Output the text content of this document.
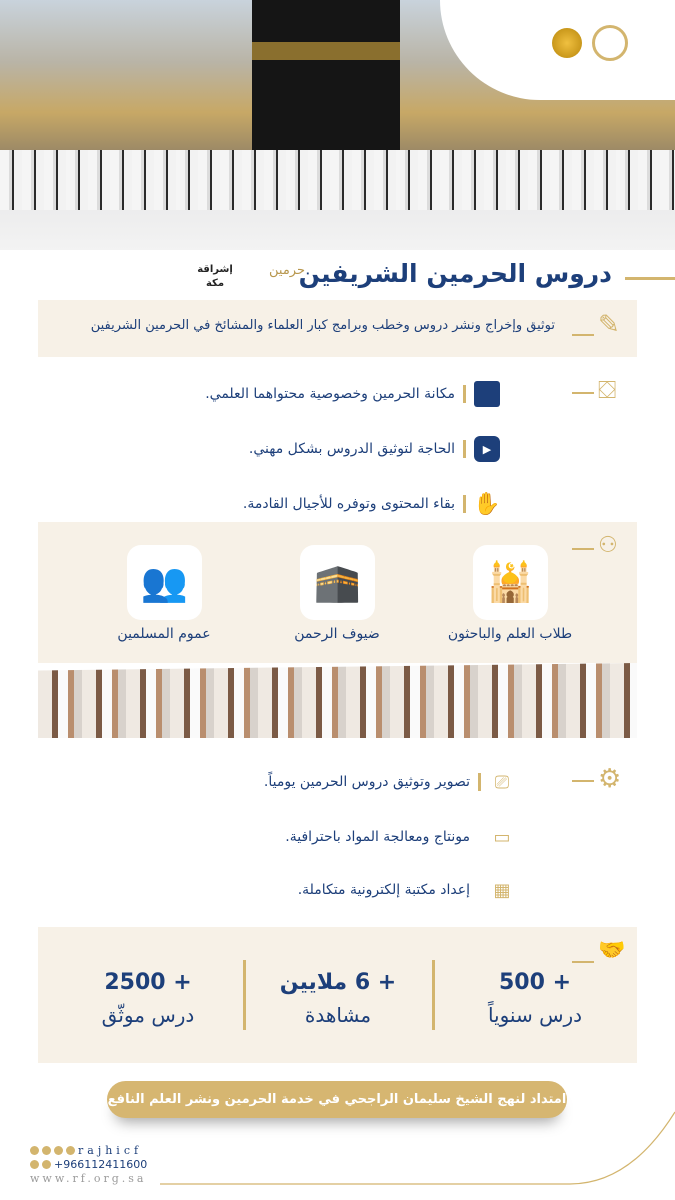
دروس الحرمين الشريفين
حرمين
إشراقة مكة
توثيق وإخراج ونشر دروس وخطب وبرامج كبار العلماء والمشائخ في الحرمين الشريفين ✎
⛋
مكانة الحرمين وخصوصية محتواهما العلمي.
▶
الحاجة لتوثيق الدروس بشكل مهني.
✋
بقاء المحتوى وتوفره للأجيال القادمة.
⚇
🕌
🕋
👥
طلاب العلم والباحثون
ضيوف الرحمن
عموم المسلمين
⚙
⎚
تصوير وتوثيق دروس الحرمين يومياً.
▭
مونتاج ومعالجة المواد باحترافية.
▦
إعداد مكتبة إلكترونية متكاملة.
🤝
+ 500
درس سنوياً
+ 6 ملايين
مشاهدة
+ 2500
درس موثّق
امتداد لنهج الشيخ سليمان الراجحي في خدمة الحرمين ونشر العلم النافع
rajhicf
+966112411600
www.rf.org.sa
